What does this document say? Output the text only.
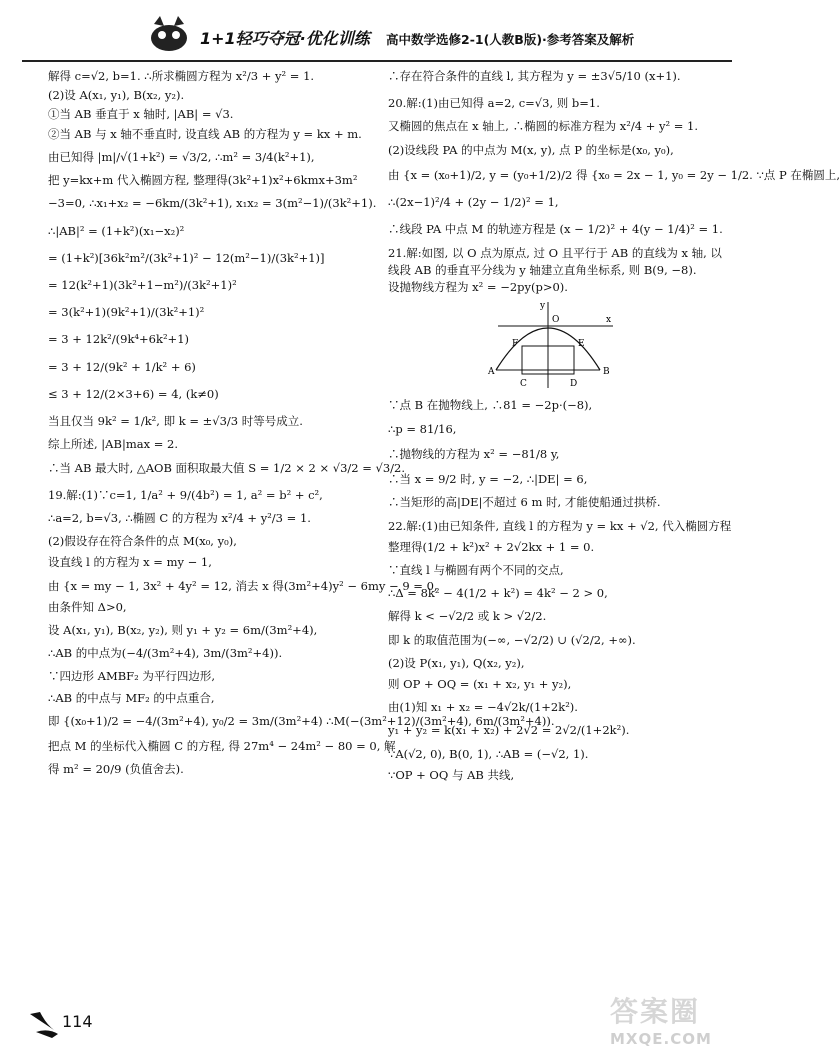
1+1轻巧夺冠·优化训练 高中数学选修2-1(人教B版)·参考答案及解析

解得 c=√2, b=1. ∴所求椭圆方程为 x²/3 + y² = 1.

(2)设 A(x₁, y₁), B(x₂, y₂).

①当 AB 垂直于 x 轴时, |AB| = √3.

②当 AB 与 x 轴不垂直时, 设直线 AB 的方程为 y = kx + m.

由已知得 |m|/√(1+k²) = √3/2, ∴m² = 3/4(k²+1),

把 y=kx+m 代入椭圆方程, 整理得(3k²+1)x²+6kmx+3m²

−3=0, ∴x₁+x₂ = −6km/(3k²+1), x₁x₂ = 3(m²−1)/(3k²+1).

∴|AB|² = (1+k²)(x₁−x₂)²

= (1+k²)[36k²m²/(3k²+1)² − 12(m²−1)/(3k²+1)]

= 12(k²+1)(3k²+1−m²)/(3k²+1)²

= 3(k²+1)(9k²+1)/(3k²+1)²

= 3 + 12k²/(9k⁴+6k²+1)

= 3 + 12/(9k² + 1/k² + 6)

≤ 3 + 12/(2×3+6) = 4, (k≠0)

当且仅当 9k² = 1/k², 即 k = ±√3/3 时等号成立.

综上所述, |AB|max = 2.

∴当 AB 最大时, △AOB 面积取最大值 S = 1/2 × 2 × √3/2 = √3/2.

19.解:(1)∵c=1, 1/a² + 9/(4b²) = 1, a² = b² + c²,

∴a=2, b=√3, ∴椭圆 C 的方程为 x²/4 + y²/3 = 1.

(2)假设存在符合条件的点 M(x₀, y₀),

设直线 l 的方程为 x = my − 1,

由 {x = my − 1, 3x² + 4y² = 12, 消去 x 得(3m²+4)y² − 6my − 9 = 0,

由条件知 Δ>0,

设 A(x₁, y₁), B(x₂, y₂), 则 y₁ + y₂ = 6m/(3m²+4),

∴AB 的中点为(−4/(3m²+4), 3m/(3m²+4)).

∵四边形 AMBF₂ 为平行四边形,

∴AB 的中点与 MF₂ 的中点重合,

即 {(x₀+1)/2 = −4/(3m²+4), y₀/2 = 3m/(3m²+4) ∴M(−(3m²+12)/(3m²+4), 6m/(3m²+4)).

把点 M 的坐标代入椭圆 C 的方程, 得 27m⁴ − 24m² − 80 = 0, 解

得 m² = 20/9 (负值舍去).

∴存在符合条件的直线 l, 其方程为 y = ±3√5/10 (x+1).

20.解:(1)由已知得 a=2, c=√3, 则 b=1.

又椭圆的焦点在 x 轴上, ∴椭圆的标准方程为 x²/4 + y² = 1.

(2)设线段 PA 的中点为 M(x, y), 点 P 的坐标是(x₀, y₀),

由 {x = (x₀+1)/2, y = (y₀+1/2)/2 得 {x₀ = 2x − 1, y₀ = 2y − 1/2. ∵点 P 在椭圆上,

∴(2x−1)²/4 + (2y − 1/2)² = 1,

∴线段 PA 中点 M 的轨迹方程是 (x − 1/2)² + 4(y − 1/4)² = 1.

21.解:如图, 以 O 点为原点, 过 O 且平行于 AB 的直线为 x 轴, 以

线段 AB 的垂直平分线为 y 轴建立直角坐标系, 则 B(9, −8).

设抛物线方程为 x² = −2py(p>0).

y
O	x
F	E
A	B
C	D

∵点 B 在抛物线上, ∴81 = −2p·(−8),

∴p = 81/16,

∴抛物线的方程为 x² = −81/8 y,

∴当 x = 9/2 时, y = −2, ∴|DE| = 6,

∴当矩形的高|DE|不超过 6 m 时, 才能使船通过拱桥.

22.解:(1)由已知条件, 直线 l 的方程为 y = kx + √2, 代入椭圆方程

整理得(1/2 + k²)x² + 2√2kx + 1 = 0.

∵直线 l 与椭圆有两个不同的交点,

∴Δ = 8k² − 4(1/2 + k²) = 4k² − 2 > 0,

解得 k < −√2/2 或 k > √2/2.

即 k 的取值范围为(−∞, −√2/2) ∪ (√2/2, +∞).

(2)设 P(x₁, y₁), Q(x₂, y₂),

则 OP + OQ = (x₁ + x₂, y₁ + y₂),

由(1)知 x₁ + x₂ = −4√2k/(1+2k²).

y₁ + y₂ = k(x₁ + x₂) + 2√2 = 2√2/(1+2k²).

∵A(√2, 0), B(0, 1), ∴AB = (−√2, 1).

∵OP + OQ 与 AB 共线,

114	答案圈
MXQE.COM
